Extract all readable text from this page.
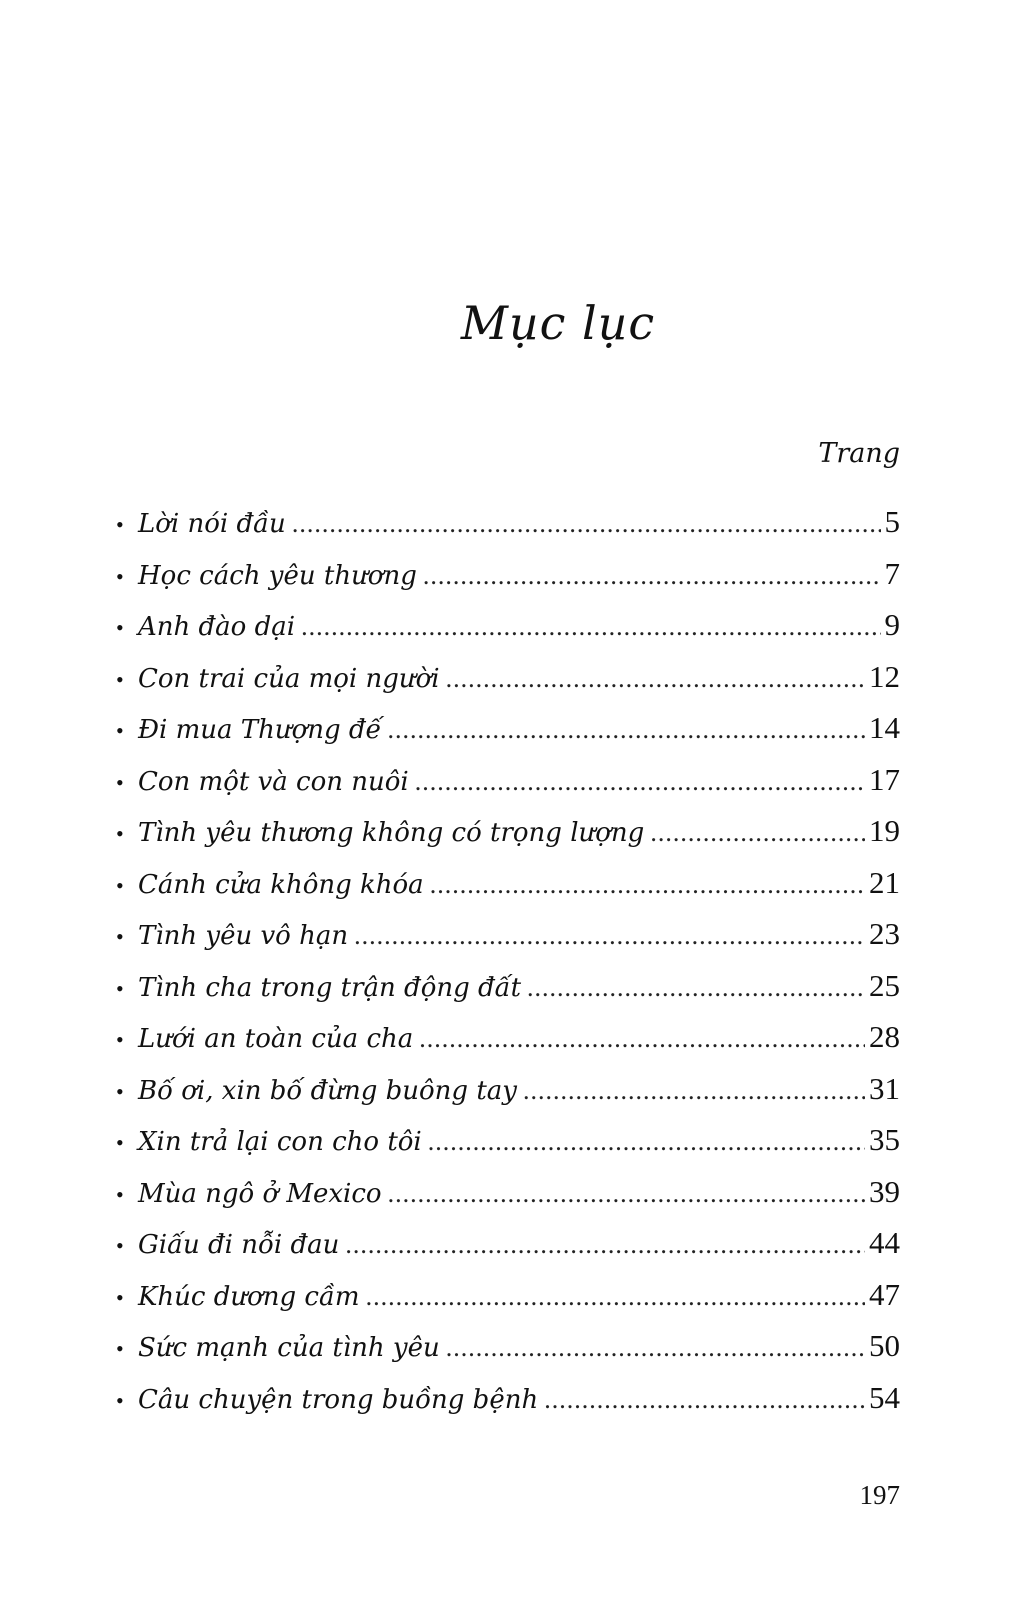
Mục lục
Trang
• Lời nói đầu .....	5
• Học cách yêu thương .....	7
• Anh đào dại .....	9
• Con trai của mọi người .....	12
• Đi mua Thượng đế .....	14
• Con một và con nuôi .....	17
• Tình yêu thương không có trọng lượng .....	19
• Cánh cửa không khóa .....	21
• Tình yêu vô hạn .....	23
• Tình cha trong trận động đất .....	25
• Lưới an toàn của cha .....	28
• Bố ơi, xin bố đừng buông tay .....	31
• Xin trả lại con cho tôi .....	35
• Mùa ngô ở Mexico .....	39
• Giấu đi nỗi đau .....	44
• Khúc dương cầm .....	47
• Sức mạnh của tình yêu .....	50
• Câu chuyện trong buồng bệnh .....	54
197
